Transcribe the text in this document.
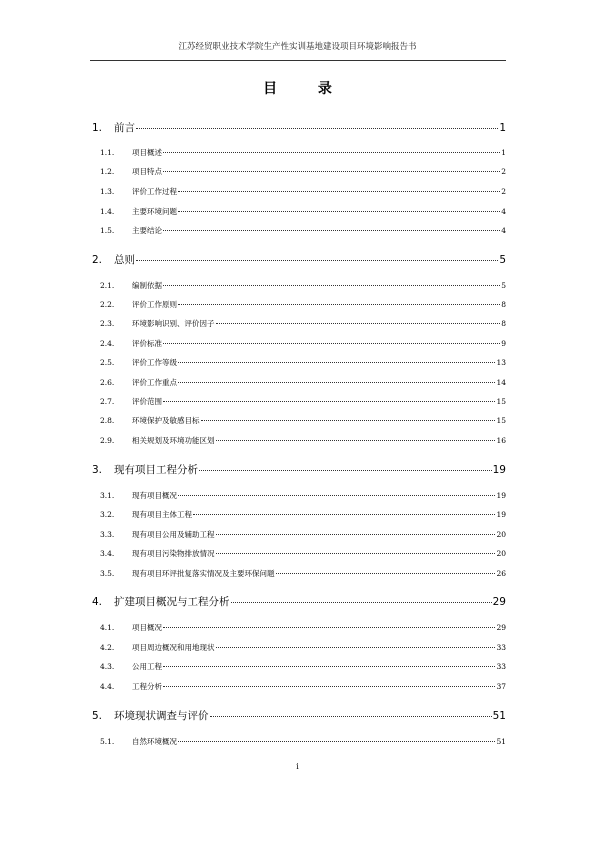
江苏经贸职业技术学院生产性实训基地建设项目环境影响报告书
目 录
1.	前言	1
1.1.	项目概述	1
1.2.	项目特点	2
1.3.	评价工作过程	2
1.4.	主要环境问题	4
1.5.	主要结论	4
2.	总则	5
2.1.	编制依据	5
2.2.	评价工作原则	8
2.3.	环境影响识别、评价因子	8
2.4.	评价标准	9
2.5.	评价工作等级	13
2.6.	评价工作重点	14
2.7.	评价范围	15
2.8.	环境保护及敏感目标	15
2.9.	相关规划及环境功能区划	16
3.	现有项目工程分析	19
3.1.	现有项目概况	19
3.2.	现有项目主体工程	19
3.3.	现有项目公用及辅助工程	20
3.4.	现有项目污染物排放情况	20
3.5.	现有项目环评批复落实情况及主要环保问题	26
4.	扩建项目概况与工程分析	29
4.1.	项目概况	29
4.2.	项目周边概况和用地现状	33
4.3.	公用工程	33
4.4.	工程分析	37
5.	环境现状调查与评价	51
5.1.	自然环境概况	51
i
